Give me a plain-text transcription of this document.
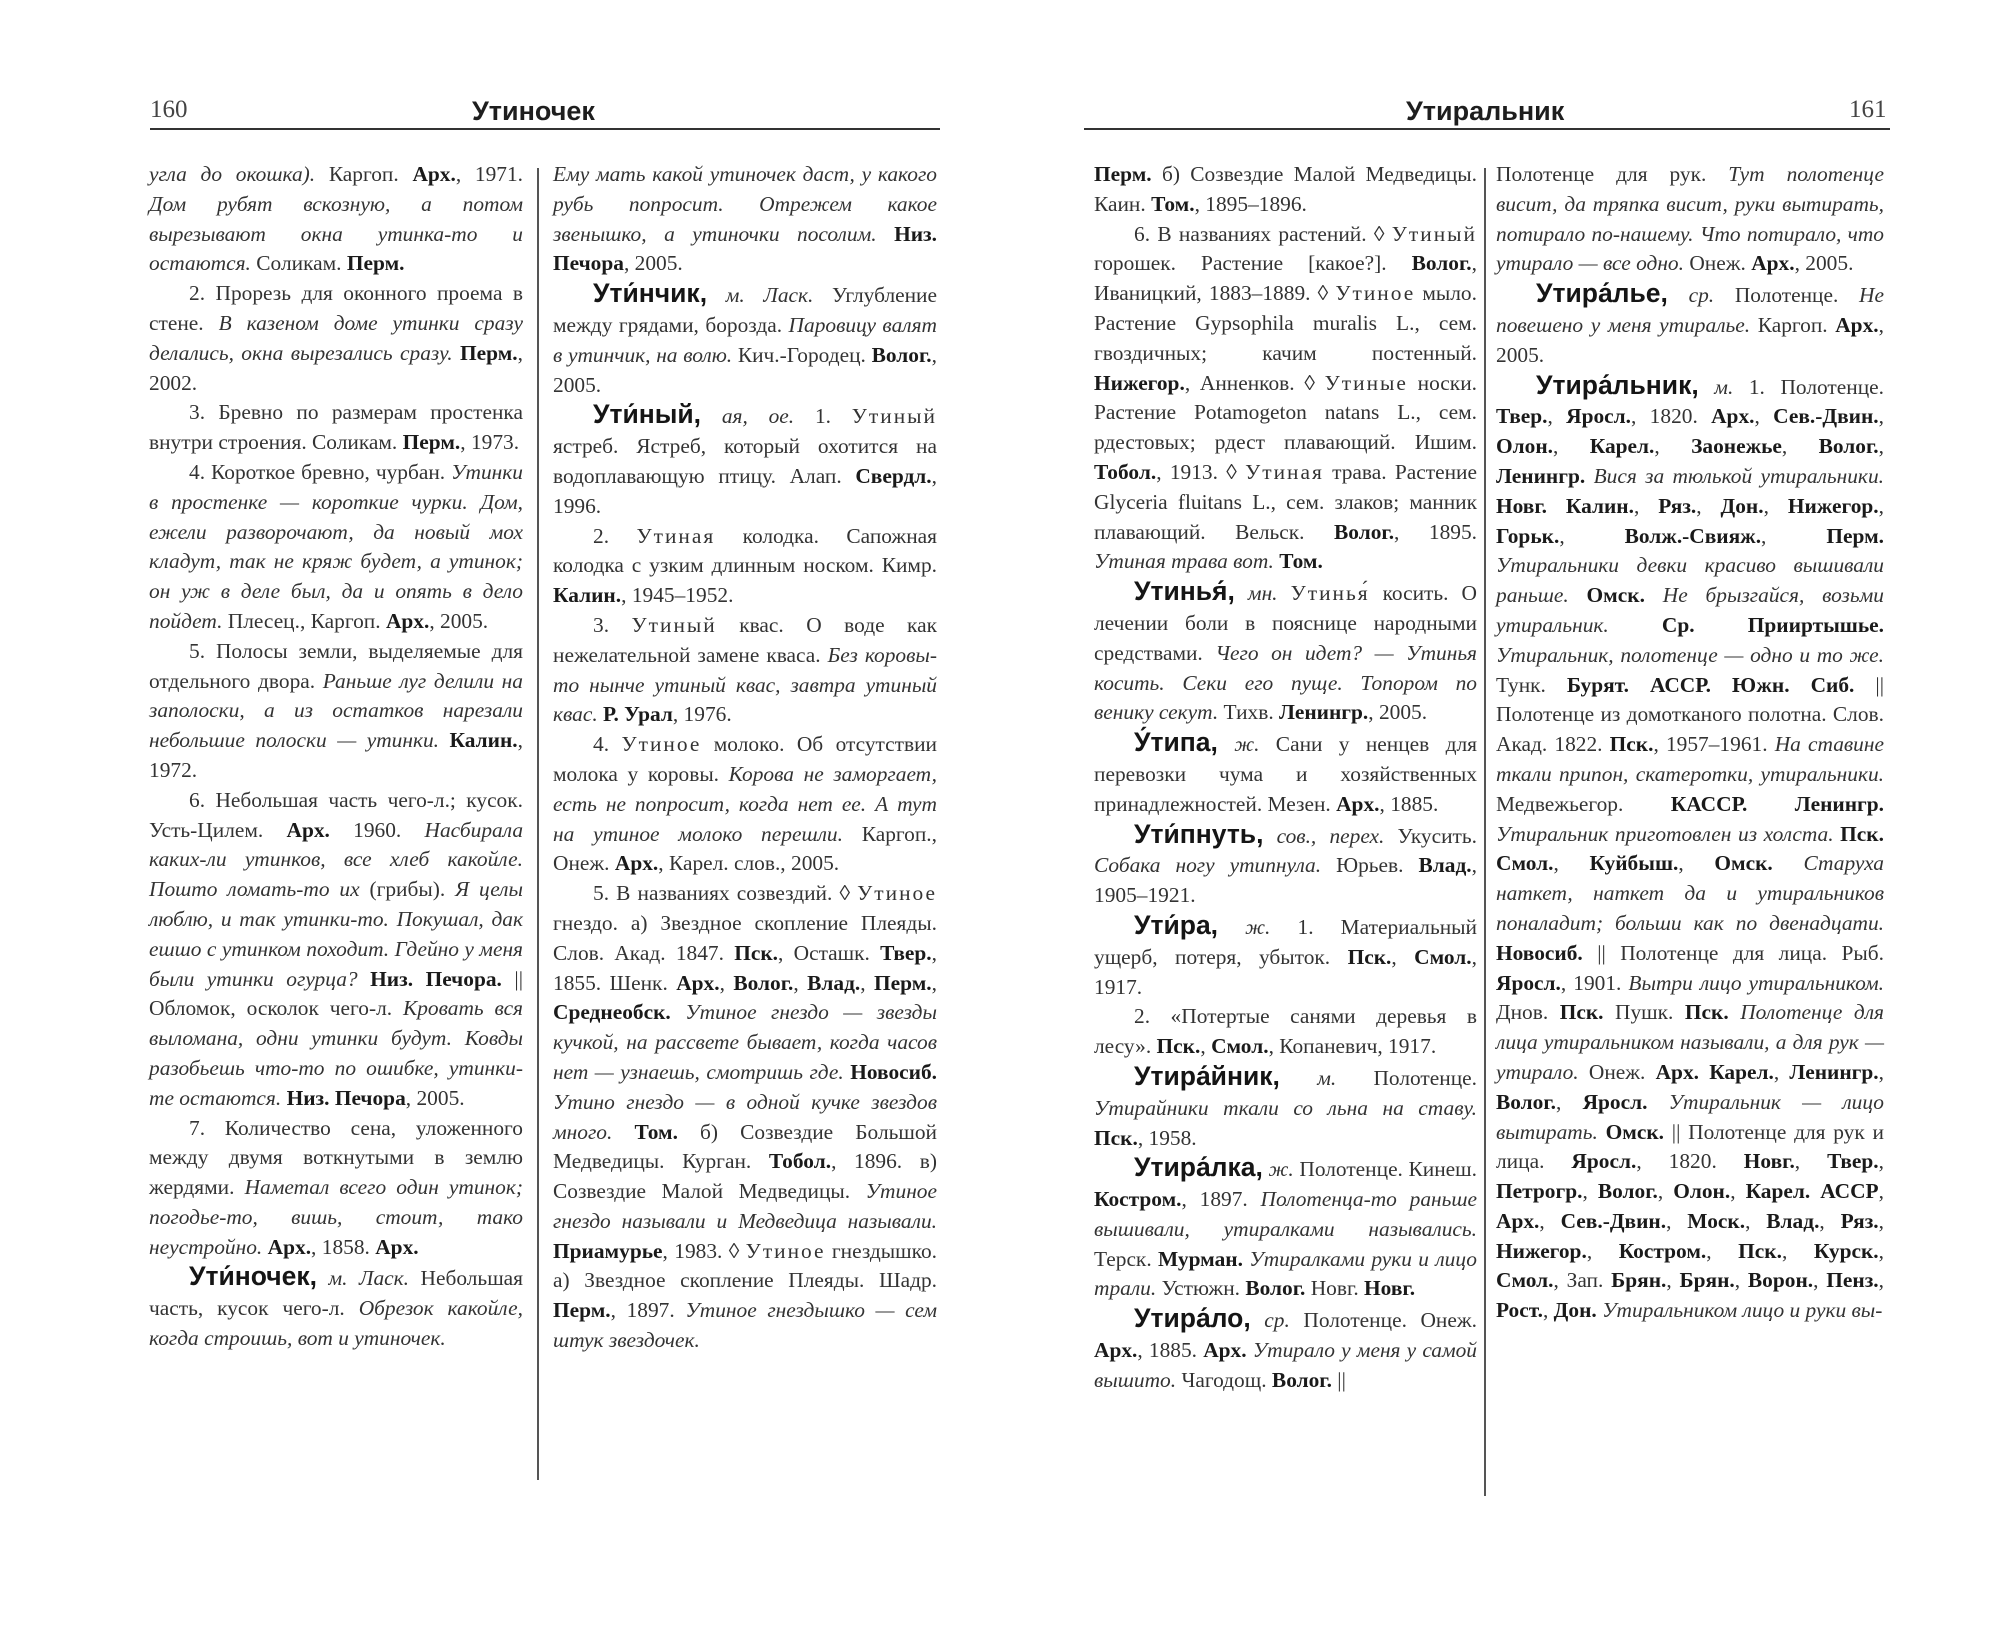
160	Утиночек

угла до окошка). Каргоп. Арх., 1971. Дом рубят вскозную, а потом вырезывают окна утинка-то и остаются. Соликам. Перм.

2. Прорезь для оконного проема в стене. В казеном доме утинки сразу делались, окна вырезались сразу. Перм., 2002.

3. Бревно по размерам простенка внутри строения. Соликам. Перм., 1973.

4. Короткое бревно, чурбан. Утинки в простенке — короткие чурки. Дом, ежели разворочают, да новый мох кладут, так не кряж будет, а утинок; он уж в деле был, да и опять в дело пойдет. Плесец., Каргоп. Арх., 2005.

5. Полосы земли, выделяемые для отдельного двора. Раньше луг делили на заполоски, а из остатков нарезали небольшие полоски — утинки. Калин., 1972.

6. Небольшая часть чего-л.; кусок. Усть-Цилем. Арх. 1960. Насбирала каких-ли утинков, все хлеб какойле. Пошто ломать-то их (грибы). Я целы люблю, и так утинки-то. Покушал, дак ешшо с утинком походит. Гдейно у меня были утинки огурца? Низ. Печора. || Обломок, осколок чего-л. Кровать вся выломана, одни утинки будут. Ковды разобьешь что-то по ошибке, утинки-те остаются. Низ. Печора, 2005.

7. Количество сена, уложенного между двумя воткнутыми в землю жердями. Наметал всего один утинок; погодье-то, вишь, стоит, тако неустройно. Арх., 1858. Арх.

Ути́ночек, м. Ласк. Небольшая часть, кусок чего-л. Обрезок какойле, когда строишь, вот и утиночек.

Ему мать какой утиночек даст, у какого рубь попросит. Отрежем какое звенышко, а утиночки посолим. Низ. Печора, 2005.

Ути́нчик, м. Ласк. Углубление между грядами, борозда. Паровицу валят в утинчик, на волю. Кич.-Городец. Волог., 2005.

Ути́ный, ая, ое. 1. Утиный ястреб. Ястреб, который охотится на водоплавающую птицу. Алап. Свердл., 1996.

2. Утиная колодка. Сапожная колодка с узким длинным носком. Кимр. Калин., 1945–1952.

3. Утиный квас. О воде как нежелательной замене кваса. Без коровы-то нынче утиный квас, завтра утиный квас. Р. Урал, 1976.

4. Утиное молоко. Об отсутствии молока у коровы. Корова не заморгает, есть не попросит, когда нет ее. А тут на утиное молоко перешли. Каргоп., Онеж. Арх., Карел. слов., 2005.

5. В названиях созвездий. ◊ Утиное гнездо. а) Звездное скопление Плеяды. Слов. Акад. 1847. Пск., Осташк. Твер., 1855. Шенк. Арх., Волог., Влад., Перм., Среднеобск. Утиное гнездо — звезды кучкой, на рассвете бывает, когда часов нет — узнаешь, смотришь где. Новосиб. Утино гнездо — в одной кучке звездов много. Том. б) Созвездие Большой Медведицы. Курган. Тобол., 1896. в) Созвездие Малой Медведицы. Утиное гнездо называли и Медведица называли. Приамурье, 1983. ◊ Утиное гнездышко. а) Звездное скопление Плеяды. Шадр. Перм., 1897. Утиное гнездышко — сем штук звездочек.

Утиральник	161

Перм. б) Созвездие Малой Медведицы. Каин. Том., 1895–1896.

6. В названиях растений. ◊ Утиный горошек. Растение [какое?]. Волог., Иваницкий, 1883–1889. ◊ Утиное мыло. Растение Gypsophila muralis L., сем. гвоздичных; качим постенный. Нижегор., Анненков. ◊ Утиные носки. Растение Potamogeton natans L., сем. рдестовых; рдест плавающий. Ишим. Тобол., 1913. ◊ Утиная трава. Растение Glyceria fluitans L., сем. злаков; манник плавающий. Вельск. Волог., 1895. Утиная трава вот. Том.

Утинья́, мн. Утинья́ косить. О лечении боли в пояснице народными средствами. Чего он идет? — Утинья косить. Секи его пуще. Топором по венику секут. Тихв. Ленингр., 2005.

У́типа, ж. Сани у ненцев для перевозки чума и хозяйственных принадлежностей. Мезен. Арх., 1885.

Ути́пнуть, сов., перех. Укусить. Собака ногу утипнула. Юрьев. Влад., 1905–1921.

Ути́ра, ж. 1. Материальный ущерб, потеря, убыток. Пск., Смол., 1917.

2. «Потертые санями деревья в лесу». Пск., Смол., Копаневич, 1917.

Утира́йник, м. Полотенце. Утирайники ткали со льна на ставу. Пск., 1958.

Утира́лка, ж. Полотенце. Кинеш. Костром., 1897. Полотенца-то раньше вышивали, утиралками назывались. Терск. Мурман. Утиралками руки и лицо трали. Устюжн. Волог. Новг. Новг.

Утира́ло, ср. Полотенце. Онеж. Арх., 1885. Арх. Утирало у меня у самой вышито. Чагодощ. Волог. ||

Полотенце для рук. Тут полотенце висит, да тряпка висит, руки вытирать, потирало по-нашему. Что потирало, что утирало — все одно. Онеж. Арх., 2005.

Утира́лье, ср. Полотенце. Не повешено у меня утиралье. Каргоп. Арх., 2005.

Утира́льник, м. 1. Полотенце. Твер., Яросл., 1820. Арх., Сев.-Двин., Олон., Карел., Заонежье, Волог., Ленингр. Вися за тюлькой утиральники. Новг. Калин., Ряз., Дон., Нижегор., Горьк., Волж.-Свияж., Перм. Утиральники девки красиво вышивали раньше. Омск. Не брызгайся, возьми утиральник. Ср. Прииртышье. Утиральник, полотенце — одно и то же. Тунк. Бурят. АССР. Южн. Сиб. || Полотенце из домотканого полотна. Слов. Акад. 1822. Пск., 1957–1961. На ставине ткали припон, скатеротки, утиральники. Медвежьегор. КАССР. Ленингр. Утиральник приготовлен из холста. Пск. Смол., Куйбыш., Омск. Старуха наткет, наткет да и утиральников поналадит; больши как по двенадцати. Новосиб. || Полотенце для лица. Рыб. Яросл., 1901. Вытри лицо утиральником. Днов. Пск. Пушк. Пск. Полотенце для лица утиральником называли, а для рук — утирало. Онеж. Арх. Карел., Ленингр., Волог., Яросл. Утиральник — лицо вытирать. Омск. || Полотенце для рук и лица. Яросл., 1820. Новг., Твер., Петрогр., Волог., Олон., Карел. АССР, Арх., Сев.-Двин., Моск., Влад., Ряз., Нижегор., Костром., Пск., Курск., Смол., Зап. Брян., Брян., Ворон., Пенз., Рост., Дон. Утиральником лицо и руки вы-
